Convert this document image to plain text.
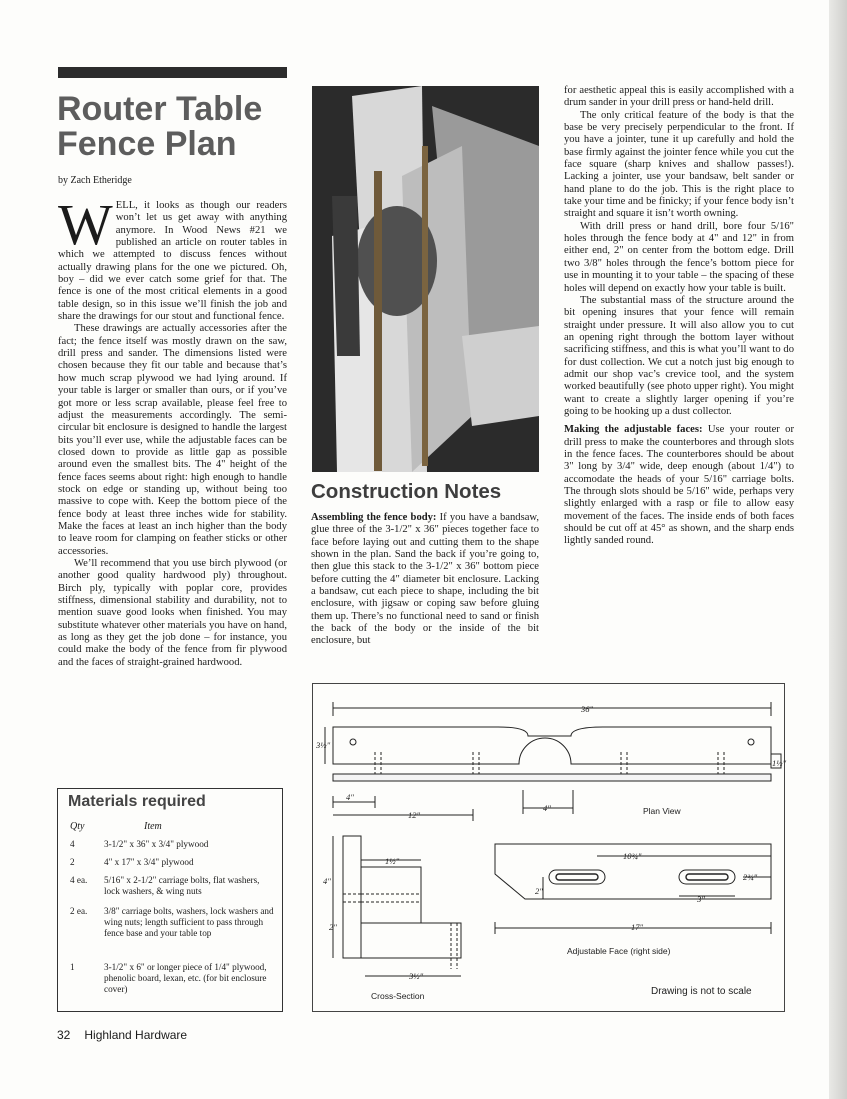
Router Table Fence Plan
by Zach Etheridge

WELL, it looks as though our readers won’t let us get away with anything anymore. In Wood News #21 we published an article on router tables in which we attempted to discuss fences without actually drawing plans for the one we pictured. Oh, boy – did we ever catch some grief for that. The fence is one of the most critical elements in a good table design, so in this issue we’ll finish the job and share the drawings for our stout and functional fence.

These drawings are actually accessories after the fact; the fence itself was mostly drawn on the saw, drill press and sander. The dimensions listed were chosen because they fit our table and because that’s how much scrap plywood we had lying around. If your table is larger or smaller than ours, or if you’ve got more or less scrap available, please feel free to adjust the measurements accordingly. The semi-circular bit enclosure is designed to handle the largest bits you’ll ever use, while the adjustable faces can be closed down to provide as little gap as possible around even the smallest bits. The 4" height of the fence faces seems about right: high enough to handle stock on edge or standing up, without being too massive to cope with. Keep the bottom piece of the fence body at least three inches wide for stability. Make the faces at least an inch higher than the body to leave room for clamping on feather sticks or other accessories.

We’ll recommend that you use birch plywood (or another good quality hardwood ply) throughout. Birch ply, typically with poplar core, provides stiffness, dimensional stability and durability, not to mention suave good looks when finished. You may substitute whatever other materials you have on hand, as long as they get the job done – for instance, you could make the body of the fence from fir plywood and the faces of straight-grained hardwood.

Construction Notes

Assembling the fence body: If you have a bandsaw, glue three of the 3-1/2" x 36" pieces together face to face before laying out and cutting them to the shape shown in the plan. Sand the back if you’re going to, then glue this stack to the 3-1/2" x 36" bottom piece before cutting the 4" diameter bit enclosure. Lacking a bandsaw, cut each piece to shape, including the bit enclosure, with jigsaw or coping saw before gluing them up. There’s no functional need to sand or finish the back of the body or the inside of the bit enclosure, but

for aesthetic appeal this is easily accomplished with a drum sander in your drill press or hand-held drill.

The only critical feature of the body is that the base be very precisely perpendicular to the front. If you have a jointer, tune it up carefully and hold the base firmly against the jointer fence while you cut the face square (sharp knives and shallow passes!). Lacking a jointer, use your bandsaw, belt sander or hand plane to do the job. This is the right place to take your time and be finicky; if your fence body isn’t straight and square it isn’t worth owning.

With drill press or hand drill, bore four 5/16" holes through the fence body at 4" and 12" in from either end, 2" on center from the bottom edge. Drill two 3/8" holes through the fence’s bottom piece for use in mounting it to your table – the spacing of these holes will depend on exactly how your table is built.

The substantial mass of the structure around the bit opening insures that your fence will remain straight under pressure. It will also allow you to cut an opening right through the bottom layer without sacrificing stiffness, and this is what you’ll want to do for dust collection. We cut a notch just big enough to admit our shop vac’s crevice tool, and the system worked beautifully (see photo upper right). You might want to create a slightly larger opening if you’re going to be hooking up a dust collector.

Making the adjustable faces: Use your router or drill press to make the counterbores and through slots in the fence faces. The counterbores should be about 3" long by 3/4" wide, deep enough (about 1/4") to accomodate the heads of your 5/16" carriage bolts. The through slots should be 5/16" wide, perhaps very slightly enlarged with a rasp or file to allow easy movement of the faces. The inside ends of both faces should be cut off at 45° as shown, and the sharp ends lightly sanded round.

Materials required
Qty	Item
4	3-1/2" x 36" x 3/4" plywood
2	4" x 17" x 3/4" plywood
4 ea. 5/16" x 2-1/2" carriage bolts, flat washers, lock washers, & wing nuts
2 ea. 3/8" carriage bolts, washers, lock washers and wing nuts; length sufficient to pass through fence base and your table top
1	3-1/2" x 6" or longer piece of 1/4" plywood, phenolic board, lexan, etc. (for bit enclosure cover)
36"
3½"
1½"
4"
12"
4"	Plan View
1½"
4"
2"
3½"
Cross-Section
10¾"
2"
3"
2¾"
17"
Adjustable Face (right side)
Drawing is not to scale
32 Highland Hardware
